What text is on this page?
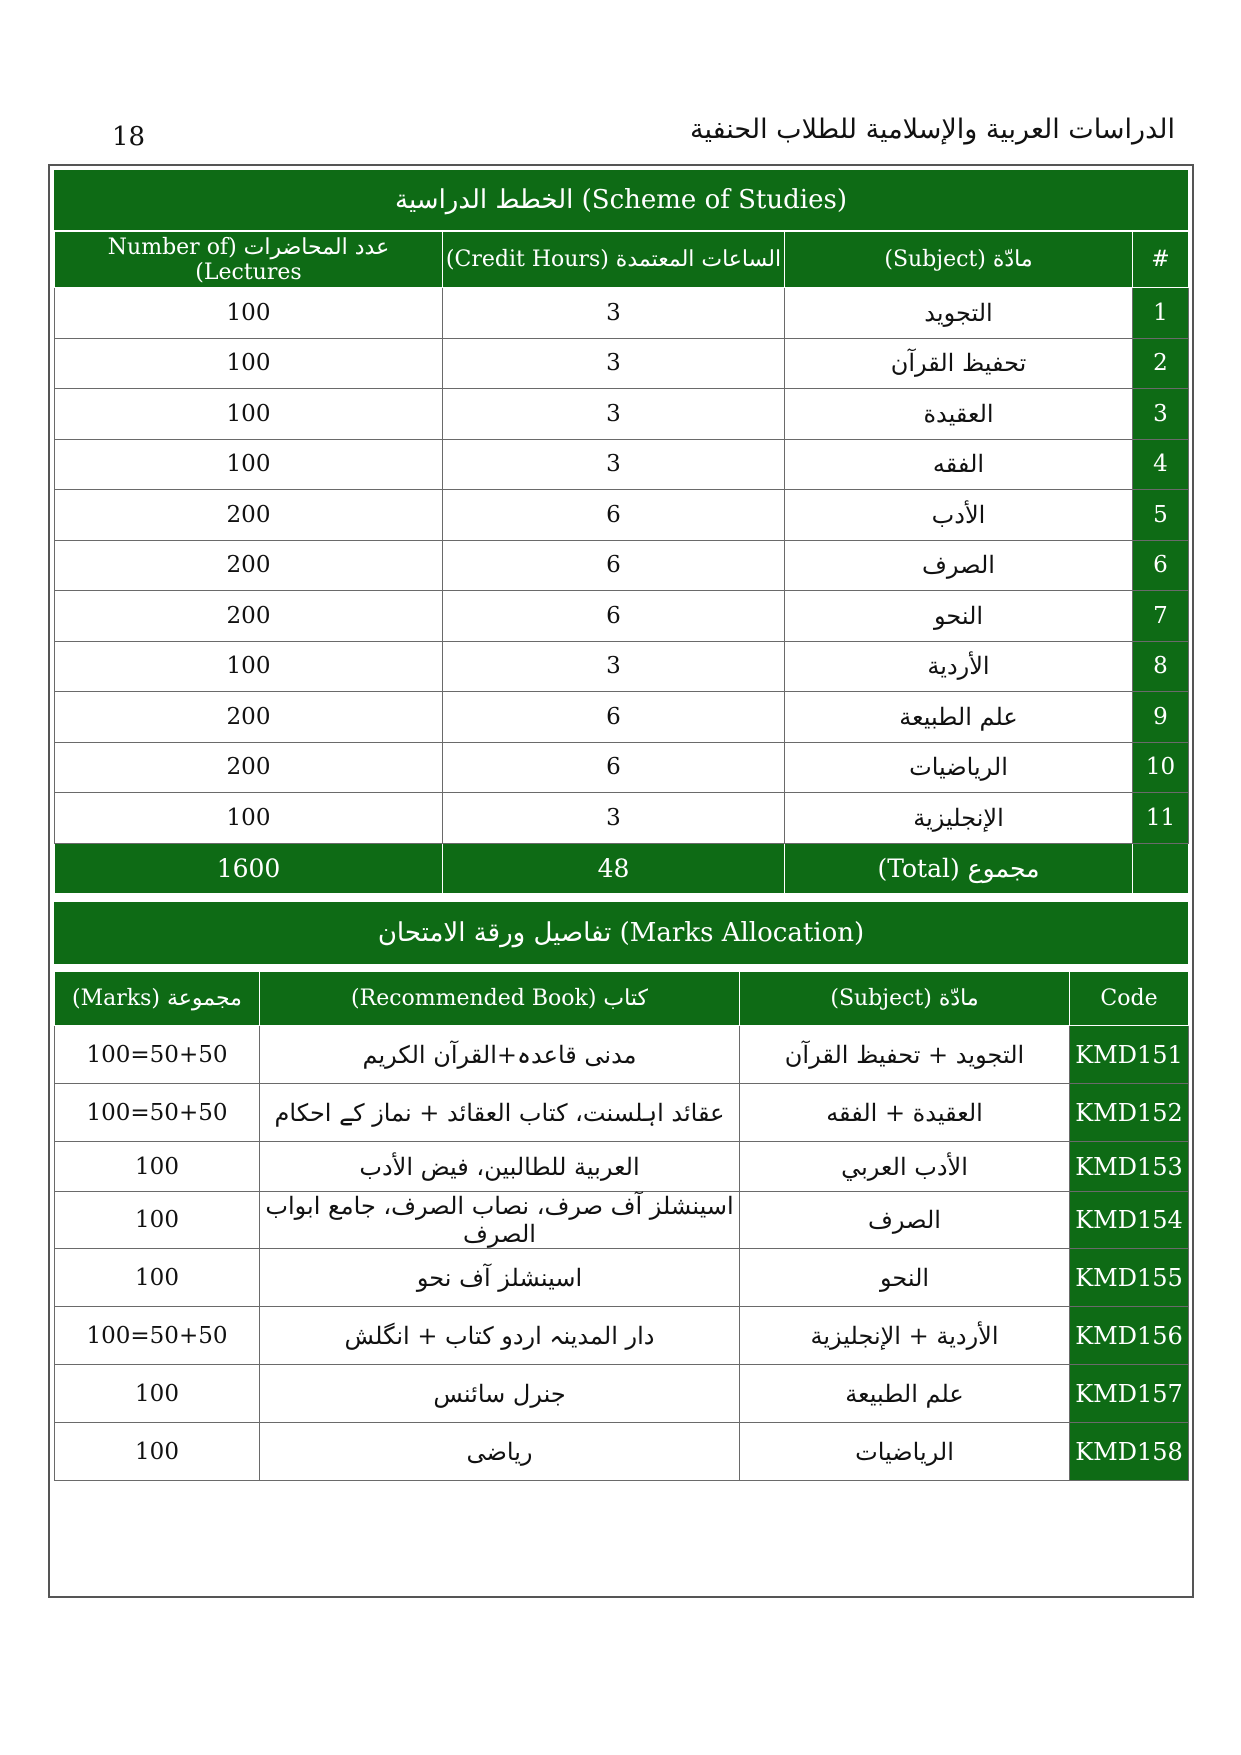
18	الدراسات العربية والإسلامية للطلاب الحنفية
الخطط الدراسية (Scheme of Studies)
عدد المحاضرات (Number of Lectures)	الساعات المعتمدة (Credit Hours)	مادّة (Subject)	#
100	3	التجويد	1
100	3	تحفيظ القرآن	2
100	3	العقيدة	3
100	3	الفقه	4
200	6	الأدب	5
200	6	الصرف	6
200	6	النحو	7
100	3	الأردية	8
200	6	علم الطبيعة	9
200	6	الرياضيات	10
100	3	الإنجليزية	11
1600	48	مجموع (Total)	
تفاصيل ورقة الامتحان (Marks Allocation)
مجموعة (Marks)	كتاب (Recommended Book)	مادّة (Subject)	Code
100=50+50	مدنی قاعدہ+القرآن الكريم	التجويد + تحفيظ القرآن	KMD151
100=50+50	عقائد اہلسنت، کتاب العقائد + نماز کے احکام	العقيدة + الفقه	KMD152
100	العربية للطالبين، فيض الأدب	الأدب العربي	KMD153
100	اسینشلز آف صرف، نصاب الصرف، جامع ابواب الصرف	الصرف	KMD154
100	اسینشلز آف نحو	النحو	KMD155
100=50+50	دار المدینہ اردو کتاب + انگلش	الأردية + الإنجليزية	KMD156
100	جنرل سائنس	علم الطبيعة	KMD157
100	رياضی	الرياضيات	KMD158
